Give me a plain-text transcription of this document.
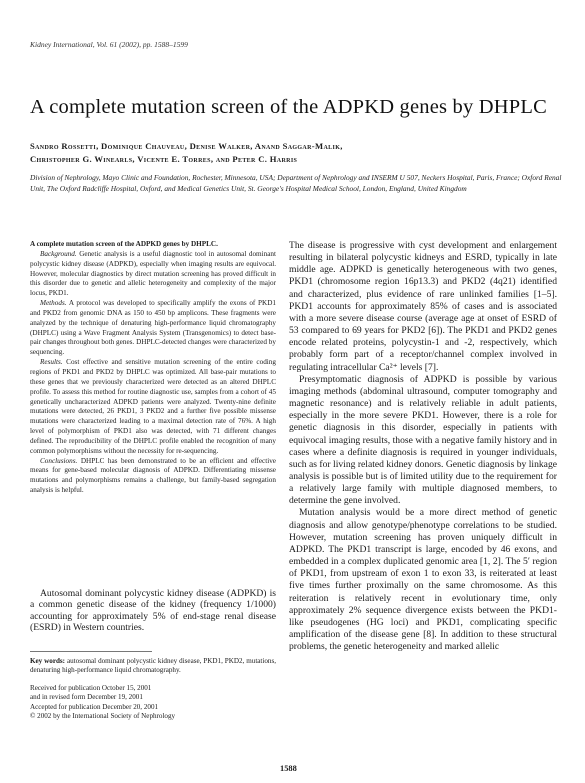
Kidney International, Vol. 61 (2002), pp. 1588–1599
A complete mutation screen of the ADPKD genes by DHPLC
Sandro Rossetti, Dominique Chauveau, Denise Walker, Anand Saggar-Malik,
Christopher G. Winearls, Vicente E. Torres, and Peter C. Harris
Division of Nephrology, Mayo Clinic and Foundation, Rochester, Minnesota, USA; Department of Nephrology and INSERM U 507, Neckers Hospital, Paris, France; Oxford Renal Unit, The Oxford Radcliffe Hospital, Oxford, and Medical Genetics Unit, St. George's Hospital Medical School, London, England, United Kingdom

A complete mutation screen of the ADPKD genes by DHPLC.

Background. Genetic analysis is a useful diagnostic tool in autosomal dominant polycystic kidney disease (ADPKD), especially when imaging results are equivocal. However, molecular diagnostics by direct mutation screening has proved difficult in this disorder due to genetic and allelic heterogeneity and complexity of the major locus, PKD1.

Methods. A protocol was developed to specifically amplify the exons of PKD1 and PKD2 from genomic DNA as 150 to 450 bp amplicons. These fragments were analyzed by the technique of denaturing high-performance liquid chromatography (DHPLC) using a Wave Fragment Analysis System (Transgenomics) to detect base-pair changes throughout both genes. DHPLC-detected changes were characterized by sequencing.

Results. Cost effective and sensitive mutation screening of the entire coding regions of PKD1 and PKD2 by DHPLC was optimized. All base-pair mutations to these genes that we previously characterized were detected as an altered DHPLC profile. To assess this method for routine diagnostic use, samples from a cohort of 45 genetically uncharacterized ADPKD patients were analyzed. Twenty-nine definite mutations were detected, 26 PKD1, 3 PKD2 and a further five possible missense mutations were characterized leading to a maximal detection rate of 76%. A high level of polymorphism of PKD1 also was detected, with 71 different changes defined. The reproducibility of the DHPLC profile enabled the recognition of many common polymorphisms without the necessity for re-sequencing.

Conclusions. DHPLC has been demonstrated to be an efficient and effective means for gene-based molecular diagnosis of ADPKD. Differentiating missense mutations and polymorphisms remains a challenge, but family-based segregation analysis is helpful.

Autosomal dominant polycystic kidney disease (ADPKD) is a common genetic disease of the kidney (frequency 1/1000) accounting for approximately 5% of end-stage renal disease (ESRD) in Western countries.

Key words: autosomal dominant polycystic kidney disease, PKD1, PKD2, mutations, denaturing high-performance liquid chromatography.

Received for publication October 15, 2001
and in revised form December 19, 2001
Accepted for publication December 20, 2001
© 2002 by the International Society of Nephrology

The disease is progressive with cyst development and enlargement resulting in bilateral polycystic kidneys and ESRD, typically in late middle age. ADPKD is genetically heterogeneous with two genes, PKD1 (chromosome region 16p13.3) and PKD2 (4q21) identified and characterized, plus evidence of rare unlinked families [1–5]. PKD1 accounts for approximately 85% of cases and is associated with a more severe disease course (average age at onset of ESRD of 53 compared to 69 years for PKD2 [6]). The PKD1 and PKD2 genes encode related proteins, polycystin-1 and -2, respectively, which probably form part of a receptor/channel complex involved in regulating intracellular Ca²⁺ levels [7].

Presymptomatic diagnosis of ADPKD is possible by various imaging methods (abdominal ultrasound, computer tomography and magnetic resonance) and is relatively reliable in adult patients, especially in the more severe PKD1. However, there is a role for genetic diagnosis in this disorder, especially in patients with equivocal imaging results, those with a negative family history and in cases where a definite diagnosis is required in younger individuals, such as for living related kidney donors. Genetic diagnosis by linkage analysis is possible but is of limited utility due to the requirement for a relatively large family with multiple diagnosed members, to determine the gene involved.

Mutation analysis would be a more direct method of genetic diagnosis and allow genotype/phenotype correlations to be studied. However, mutation screening has proven uniquely difficult in ADPKD. The PKD1 transcript is large, encoded by 46 exons, and embedded in a complex duplicated genomic area [1, 2]. The 5′ region of PKD1, from upstream of exon 1 to exon 33, is reiterated at least five times further proximally on the same chromosome. As this reiteration is relatively recent in evolutionary time, only approximately 2% sequence divergence exists between the PKD1-like pseudogenes (HG loci) and PKD1, complicating specific amplification of the disease gene [8]. In addition to these structural problems, the genetic heterogeneity and marked allelic

1588
